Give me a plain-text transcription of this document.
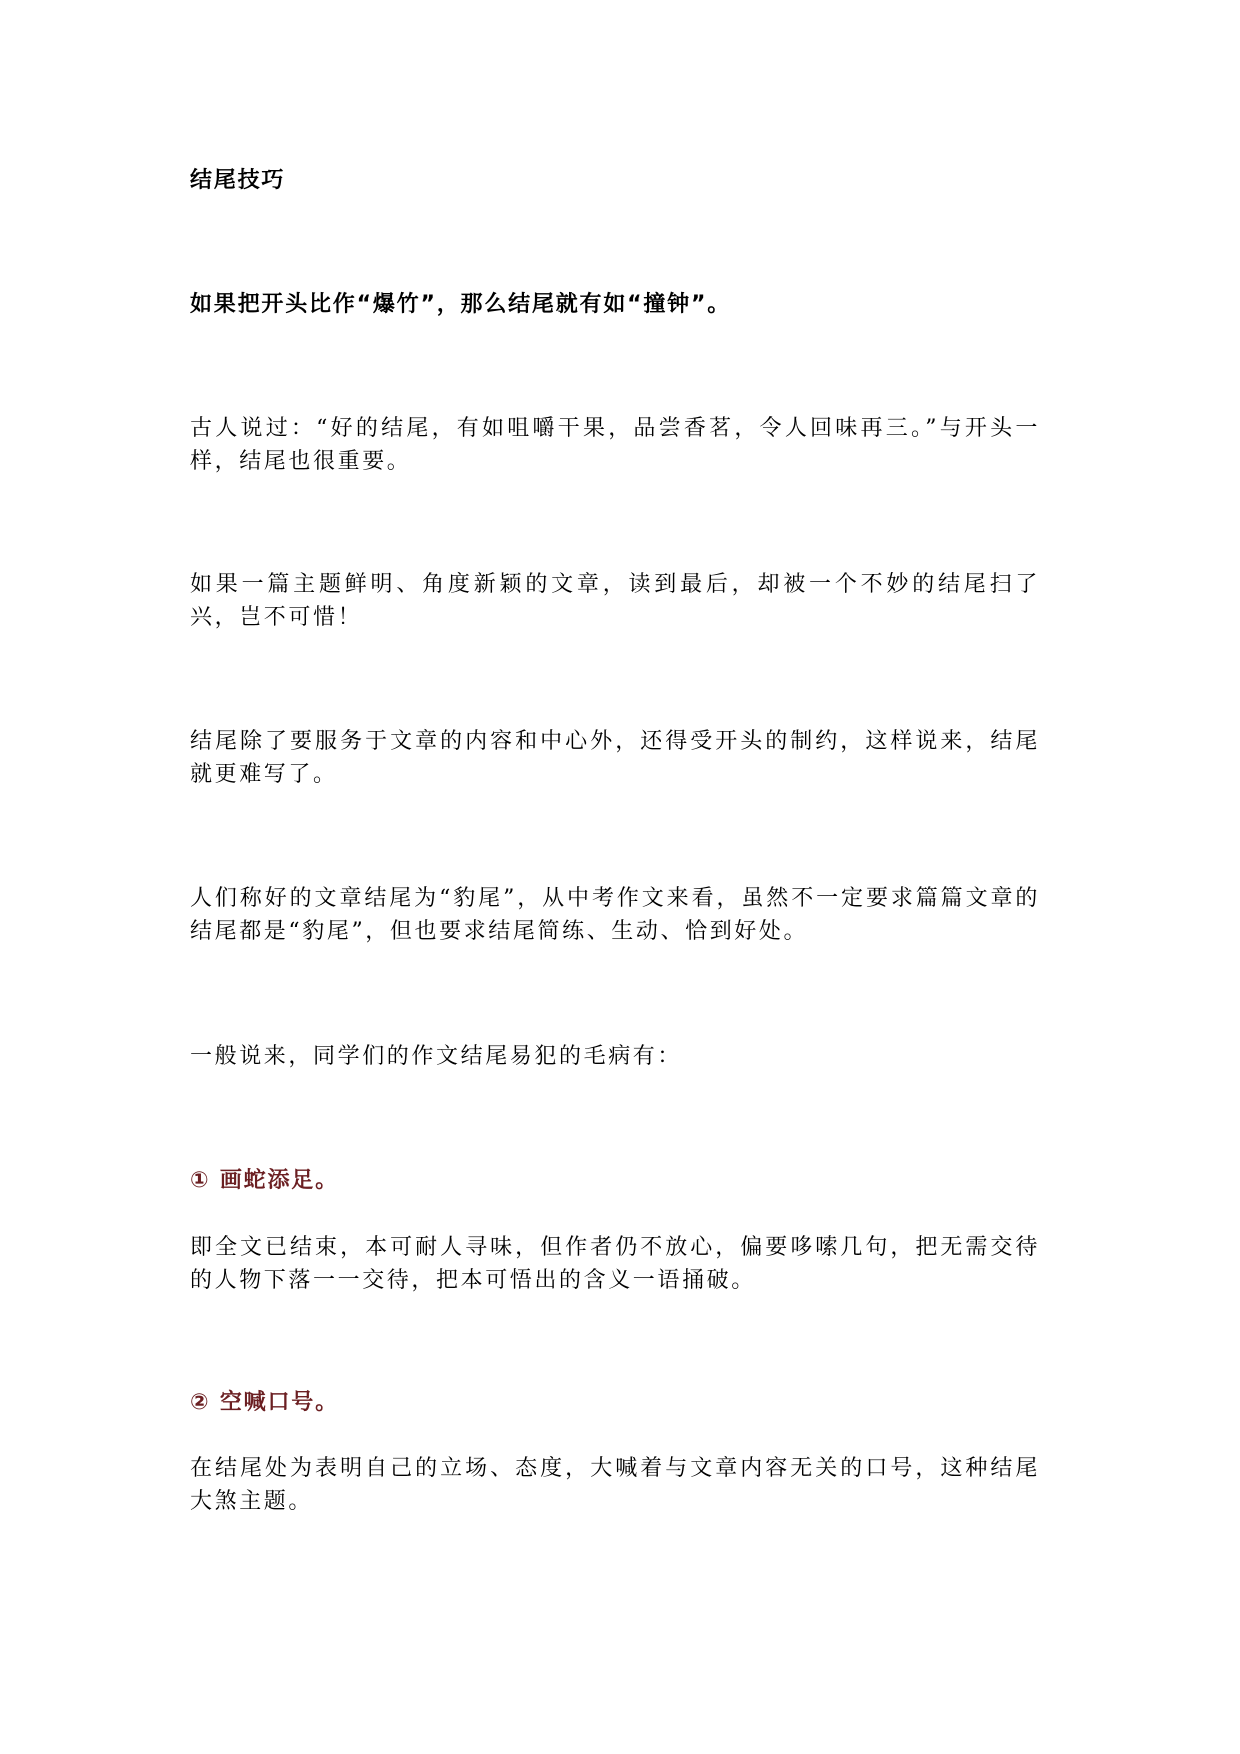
结尾技巧

如果把开头比作“爆竹”，那么结尾就有如“撞钟”。

古人说过：“好的结尾，有如咀嚼干果，品尝香茗，令人回味再三。”与开头一样，结尾也很重要。

如果一篇主题鲜明、角度新颖的文章，读到最后，却被一个不妙的结尾扫了兴，岂不可惜！

结尾除了要服务于文章的内容和中心外，还得受开头的制约，这样说来，结尾就更难写了。

人们称好的文章结尾为“豹尾”，从中考作文来看，虽然不一定要求篇篇文章的结尾都是“豹尾”，但也要求结尾简练、生动、恰到好处。

一般说来，同学们的作文结尾易犯的毛病有：

① 画蛇添足。

即全文已结束，本可耐人寻味，但作者仍不放心，偏要哆嗦几句，把无需交待的人物下落一一交待，把本可悟出的含义一语捅破。

② 空喊口号。

在结尾处为表明自己的立场、态度，大喊着与文章内容无关的口号，这种结尾大煞主题。
